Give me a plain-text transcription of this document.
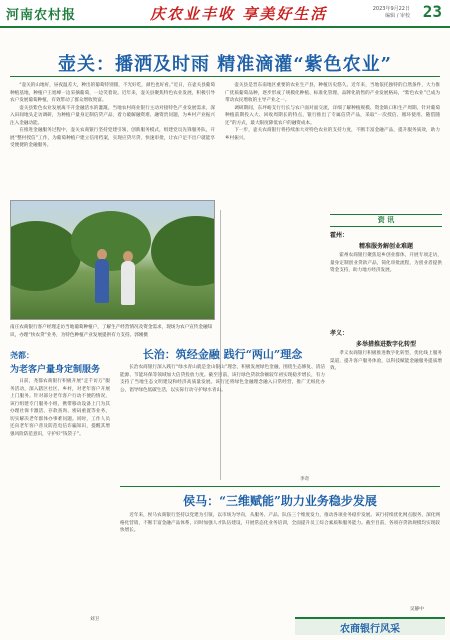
河南农村报	庆农业丰收 享美好生活	2023年9月22日
编辑 / 审校 23
壶关：播洒及时雨 精准滴灌“紫色农业”

“壶关的山地好，昼夜温差大，种出的葡萄特别甜，不光好吃，颜色也好看。”近日，在壶关县葡萄种植基地，种植户王旭峰一边采摘葡萄，一边笑着说。近年来，壶关县聚焦特色农业发展，积极引导农户发展葡萄种植，有效带动了群众增收致富。

壶关县紫色农业发展离不开金融活水的灌溉。当地农村商业银行主动对接特色产业发展需求，深入田间地头走访调研，为种植户量身定制信贷产品，着力破解融资难、融资贵问题，为乡村产业振兴注入金融动能。

在推进金融服务过程中，壶关农商银行坚持党建引领，创新服务模式，组建党员先锋服务队，开展“整村授信”工作，为葡萄种植户建立信用档案，实现应贷尽贷、快速审批，让农户足不出户就能享受便捷的金融服务。

壶关县是晋东南地区重要的农业生产县，种植历史悠久。近年来，当地依托独特的自然条件，大力推广优质葡萄品种，逐步形成了规模化种植、标准化管理、品牌化销售的产业发展格局，“紫色农业”已成为带动农民增收的主导产业之一。

调研期间，东坪峪支行行长与农户面对面交流，详细了解种植规模、资金缺口和生产周期。针对葡萄种植前期投入大、回收周期长的特点，银行推出了专属信贷产品，采取“一次授信、循环使用、随借随还”的方式，最大限度降低农户的融资成本。

下一步，壶关农商银行将持续加大对特色农业的支持力度，不断丰富金融产品，提升服务质效，助力乡村振兴。

南庄农商银行客户经理走访当地葡萄种植户，了解生产经营情况及资金需求，现场为农户宣传金融知识，办理“快农贷”业务，为特色种植产业发展提供有力支持。郭刚摄
尧都：
为老客户量身定制服务

日前，尧都农商银行积极开展“走千访万”服务活动，深入辖区社区、乡村，对老年客户开展上门服务。针对部分老年客户行动不便的情况，该行组建专门服务小组，携带移动设备上门为其办理社保卡激活、存款查询、密码重置等业务，切实解决老年群体办事难问题。同时，工作人员还向老年客户普及防范电信诈骗知识，提醒其增强风险防范意识，守护好“钱袋子”。

刘卫
长治：筑经金融 践行“两山”理念

长治农商银行深入践行“绿水青山就是金山银山”理念，积极发展绿色金融，围绕生态修复、清洁能源、节能环保等领域加大信贷投放力度。截至目前，该行绿色贷款余额较年初实现稳步增长，有力支持了当地生态文明建设和经济高质量发展。该行还将绿色金融理念融入日常经营，推广无纸化办公，倡导绿色低碳生活，以实际行动守护绿水青山。

李奇
资 讯
霍州：
精准服务解创业难题

霍州农商银行聚焦返乡创业群体，开展专项走访，量身定制创业贷款产品，简化审批流程，为创业者提供资金支持，助力地方经济发展。

孝义：
多举措推进数字化转型

孝义农商银行积极推进数字化转型，优化线上服务渠道，提升客户服务体验，以科技赋能金融服务提质增效。

侯马：“三维赋能”助力业务稳步发展

近年来，侯马农商银行坚持以党建为引领，以市场为导向，从服务、产品、队伍三个维度发力，推动各项业务稳步发展。该行持续优化网点服务，深化网格化营销，不断丰富金融产品体系，同时加强人才队伍建设，开展常态化业务培训，全面提升员工综合素质和服务能力。截至目前，各项存贷款规模均实现较快增长。

吴静中
农商银行风采
